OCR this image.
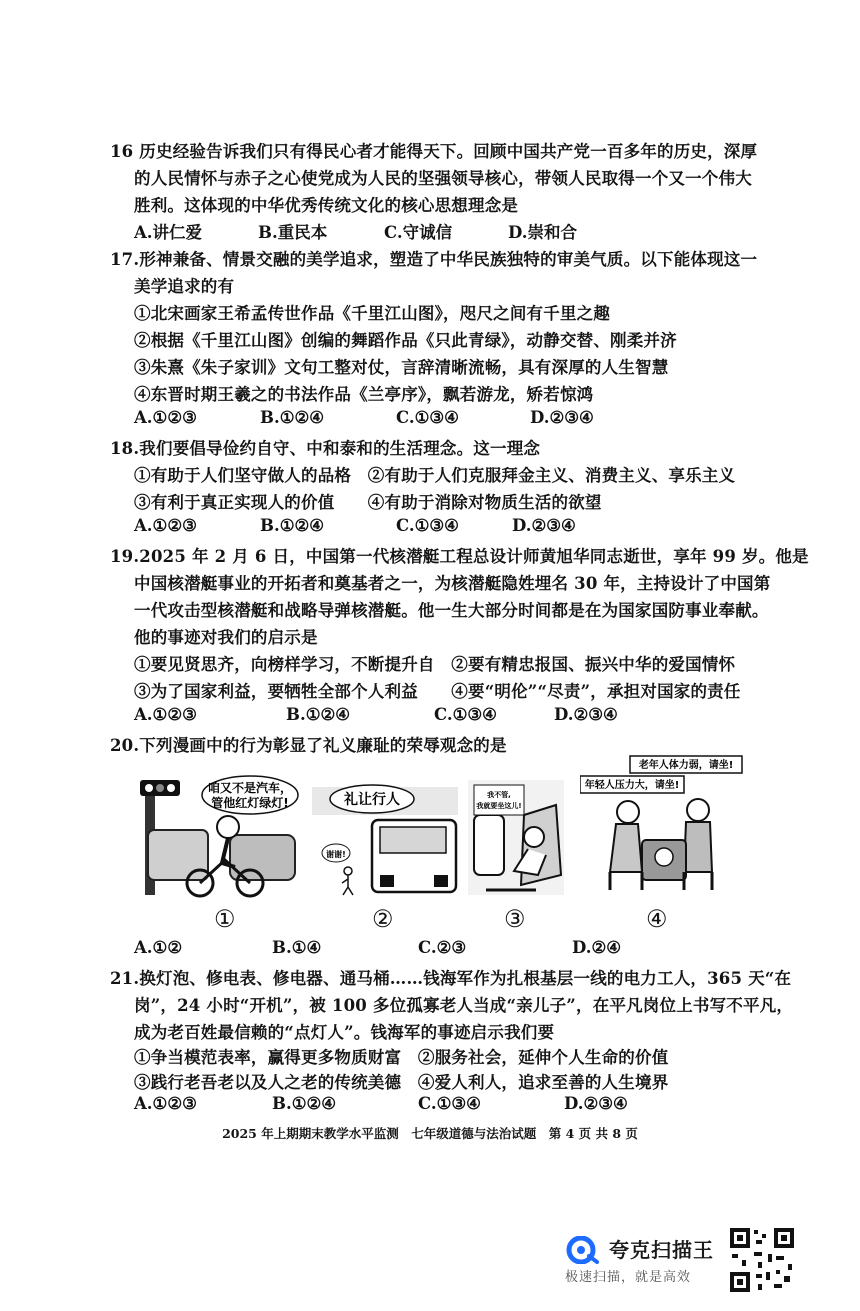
16 历史经验告诉我们只有得民心者才能得天下。回顾中国共产党一百多年的历史，深厚
的人民情怀与赤子之心使党成为人民的坚强领导核心，带领人民取得一个又一个伟大
胜利。这体现的中华优秀传统文化的核心思想理念是
A.讲仁爱	B.重民本	C.守诚信	D.崇和合
17.形神兼备、情景交融的美学追求，塑造了中华民族独特的审美气质。以下能体现这一
美学追求的有
①北宋画家王希孟传世作品《千里江山图》，咫尺之间有千里之趣
②根据《千里江山图》创编的舞蹈作品《只此青绿》，动静交替、刚柔并济
③朱熹《朱子家训》文句工整对仗，言辞清晰流畅，具有深厚的人生智慧
④东晋时期王羲之的书法作品《兰亭序》，飘若游龙，矫若惊鸿
A.①②③	B.①②④	C.①③④	D.②③④
18.我们要倡导俭约自守、中和泰和的生活理念。这一理念
①有助于人们坚守做人的品格　②有助于人们克服拜金主义、消费主义、享乐主义
③有利于真正实现人的价值　　④有助于消除对物质生活的欲望
A.①②③	B.①②④	C.①③④	D.②③④
19.2025 年 2 月 6 日，中国第一代核潜艇工程总设计师黄旭华同志逝世，享年 99 岁。他是
中国核潜艇事业的开拓者和奠基者之一，为核潜艇隐姓埋名 30 年，主持设计了中国第
一代攻击型核潜艇和战略导弹核潜艇。他一生大部分时间都是在为国家国防事业奉献。
他的事迹对我们的启示是
①要见贤思齐，向榜样学习，不断提升自　②要有精忠报国、振兴中华的爱国情怀
③为了国家利益，要牺牲全部个人利益　　④要“明伦”“尽责”，承担对国家的责任
A.①②③	B.①②④	C.①③④	D.②③④
20.下列漫画中的行为彰显了礼义廉耻的荣辱观念的是
咱又不是汽车，
管他红灯绿灯!	礼让行人
谢谢!
我不管,
我就要坐这儿!
老年人体力弱，请坐!
年轻人压力大，请坐!
①	②	③	④
A.①②	B.①④	C.②③	D.②④
21.换灯泡、修电表、修电器、通马桶……钱海军作为扎根基层一线的电力工人，365 天“在
岗”，24 小时“开机”，被 100 多位孤寡老人当成“亲儿子”，在平凡岗位上书写不平凡，
成为老百姓最信赖的“点灯人”。钱海军的事迹启示我们要
①争当模范表率，赢得更多物质财富　②服务社会，延伸个人生命的价值
③践行老吾老以及人之老的传统美德　④爱人利人，追求至善的人生境界
A.①②③	B.①②④	C.①③④	D.②③④
2025 年上期期末教学水平监测　七年级道德与法治试题　第 4 页 共 8 页
夸克扫描王
极速扫描，就是高效
